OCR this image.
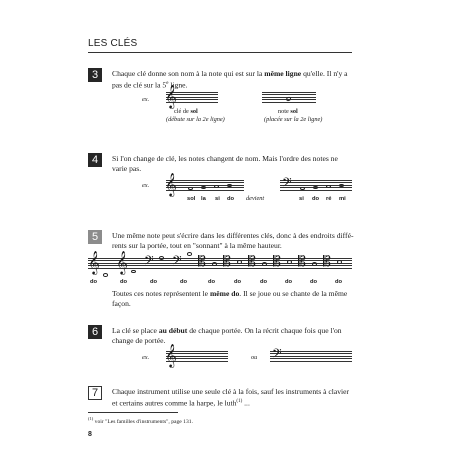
LES CLÉS
3	Chaque clé donne son nom à la note qui est sur la même ligne qu'elle. Il n'y a pas de clé sur la 5e ligne.
ex. 𝄞
clé de sol
(débute sur la 2e ligne)
note sol
(placée sur la 2e ligne)
4	Si l'on change de clé, les notes changent de nom. Mais l'ordre des notes ne varie pas.
ex. 𝄞	𝄢
sol la si do devient	si do ré mi
5	Une même note peut s'écrire dans les différentes clés, donc à des endroits diffé-rents sur la portée, tout en "sonnant" à la même hauteur.
𝄞 𝄞 𝄢 𝄢 𝄡 𝄡 𝄡 𝄡 𝄡 𝄡
do	do	do	do	do	do	do	do	do	do
Toutes ces notes représentent le même do. Il se joue ou se chante de la même façon.
6	La clé se place au début de chaque portée. On la récrit chaque fois que l'on change de portée.
ex. 𝄞	ou 𝄢
7	Chaque instrument utilise une seule clé à la fois, sauf les instruments à clavier et certains autres comme la harpe, le luth$^{(1)}$ ...
$^{(1)}$ voir "Les familles d'instruments", page 131.
8
